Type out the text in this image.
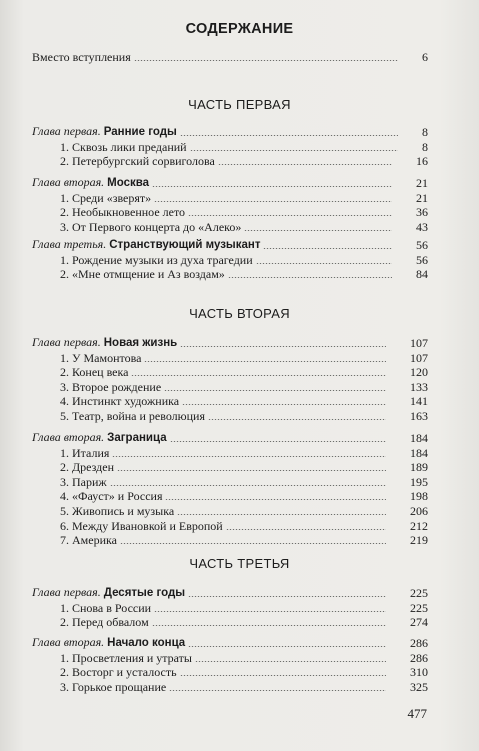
СОДЕРЖАНИЕ
Вместо вступления	6
ЧАСТЬ ПЕРВАЯ
Глава первая. Ранние годы	8
1. Сквозь лики преданий	8
2. Петербургский сорвиголова	16
Глава вторая. Москва	21
1. Среди «зверят»	21
2. Необыкновенное лето	36
3. От Первого концерта до «Алеко»	43
Глава третья. Странствующий музыкант	56
1. Рождение музыки из духа трагедии	56
2. «Мне отмщение и Аз воздам»	84
ЧАСТЬ ВТОРАЯ
Глава первая. Новая жизнь	107
1. У Мамонтова	107
2. Конец века	120
3. Второе рождение	133
4. Инстинкт художника	141
5. Театр, война и революция	163
Глава вторая. Заграница	184
1. Италия	184
2. Дрезден	189
3. Париж	195
4. «Фауст» и Россия	198
5. Живопись и музыка	206
6. Между Ивановкой и Европой	212
7. Америка	219
ЧАСТЬ ТРЕТЬЯ
Глава первая. Десятые годы	225
1. Снова в России	225
2. Перед обвалом	274
Глава вторая. Начало конца	286
1. Просветления и утраты	286
2. Восторг и усталость	310
3. Горькое прощание	325
477
